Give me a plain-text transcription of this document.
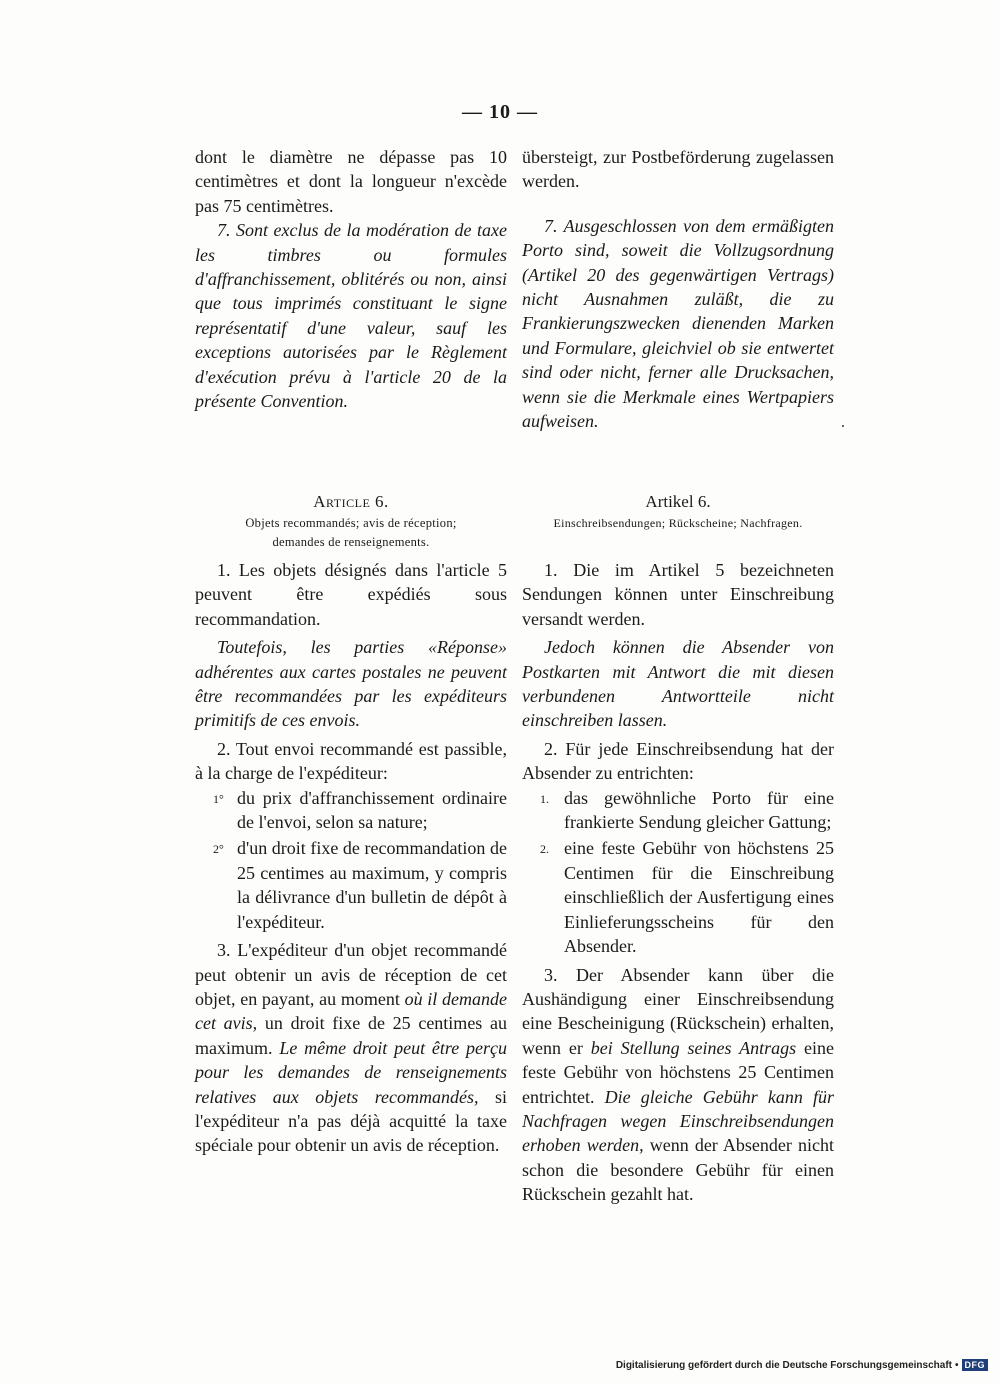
— 10 —

dont le diamètre ne dépasse pas 10 centimètres et dont la longueur n'excède pas 75 centimètres.

7. Sont exclus de la modération de taxe les timbres ou formules d'affranchissement, oblitérés ou non, ainsi que tous imprimés constituant le signe représentatif d'une valeur, sauf les exceptions autorisées par le Règlement d'exécution prévu à l'article 20 de la présente Convention.

Article 6.

Objets recommandés; avis de réception;

demandes de renseignements.

1. Les objets désignés dans l'article 5 peuvent être expédiés sous recommandation.

Toutefois, les parties «Réponse» adhérentes aux cartes postales ne peuvent être recommandées par les expéditeurs primitifs de ces envois.

2. Tout envoi recommandé est passible, à la charge de l'expéditeur:

1° du prix d'affranchissement ordinaire de l'envoi, selon sa nature;

2° d'un droit fixe de recommandation de 25 centimes au maximum, y compris la délivrance d'un bulletin de dépôt à l'expéditeur.

3. L'expéditeur d'un objet recommandé peut obtenir un avis de réception de cet objet, en payant, au moment où il demande cet avis, un droit fixe de 25 centimes au maximum. Le même droit peut être perçu pour les demandes de renseignements relatives aux objets recommandés, si l'expéditeur n'a pas déjà acquitté la taxe spéciale pour obtenir un avis de réception.

übersteigt, zur Postbeförderung zugelassen werden.

7. Ausgeschlossen von dem ermäßigten Porto sind, soweit die Vollzugsordnung (Artikel 20 des gegenwärtigen Vertrags) nicht Ausnahmen zuläßt, die zu Frankierungszwecken dienenden Marken und Formulare, gleichviel ob sie entwertet sind oder nicht, ferner alle Drucksachen, wenn sie die Merkmale eines Wertpapiers aufweisen.

Artikel 6.

Einschreibsendungen; Rückscheine; Nachfragen.

1. Die im Artikel 5 bezeichneten Sendungen können unter Einschreibung versandt werden.

Jedoch können die Absender von Postkarten mit Antwort die mit diesen verbundenen Antwortteile nicht einschreiben lassen.

2. Für jede Einschreibsendung hat der Absender zu entrichten:

1. das gewöhnliche Porto für eine frankierte Sendung gleicher Gattung;

2. eine feste Gebühr von höchstens 25 Centimen für die Einschreibung einschließlich der Ausfertigung eines Einlieferungsscheins für den Absender.

3. Der Absender kann über die Aushändigung einer Einschreibsendung eine Bescheinigung (Rückschein) erhalten, wenn er bei Stellung seines Antrags eine feste Gebühr von höchstens 25 Centimen entrichtet. Die gleiche Gebühr kann für Nachfragen wegen Einschreibsendungen erhoben werden, wenn der Absender nicht schon die besondere Gebühr für einen Rückschein gezahlt hat.

Digitalisierung gefördert durch die Deutsche Forschungsgemeinschaft • DFG
